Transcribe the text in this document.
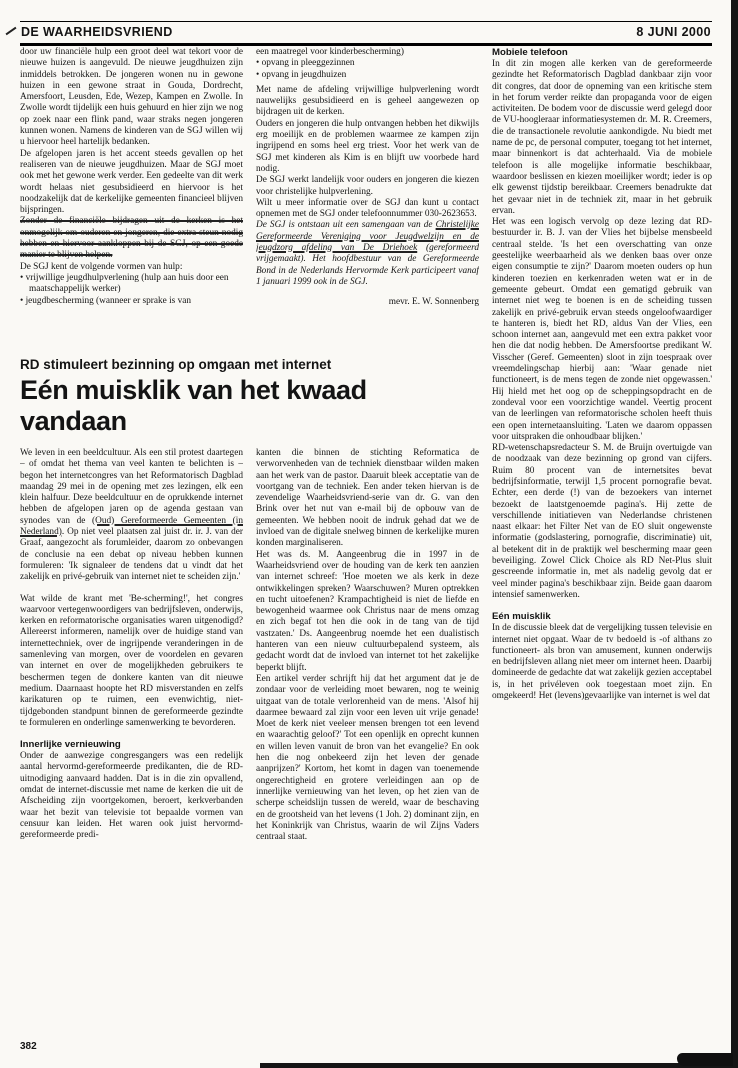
DE WAARHEIDSVRIEND	8 JUNI 2000

door uw financiële hulp een groot deel wat tekort voor de nieuwe huizen is aangevuld. De nieuwe jeugdhuizen zijn inmiddels betrokken. De jongeren wonen nu in gewone huizen in een gewone straat in Gouda, Dordrecht, Amersfoort, Leusden, Ede, Wezep, Kampen en Zwolle. In Zwolle wordt tijdelijk een huis gehuurd en hier zijn we nog op zoek naar een flink pand, waar straks negen jongeren kunnen wonen. Namens de kinderen van de SGJ willen wij u hiervoor heel hartelijk bedanken.

De afgelopen jaren is het accent steeds gevallen op het realiseren van de nieuwe jeugdhuizen. Maar de SGJ moet ook met het gewone werk verder. Een gedeelte van dit werk wordt helaas niet gesubsidieerd en hiervoor is het noodzakelijk dat de kerkelijke gemeenten financieel blijven bijspringen.

Zonder de financiële bijdragen uit de kerken is het onmogelijk om ouderen en jongeren, die extra steun nodig hebben en hiervoor aankloppen bij de SGJ, op een goede manier te blijven helpen.

De SGJ kent de volgende vormen van hulp:

• vrijwillige jeugdhulpverlening (hulp aan huis door een maatschappelijk werker)

• jeugdbescherming (wanneer er sprake is van

een maatregel voor kinderbescherming)

• opvang in pleeggezinnen

• opvang in jeugdhuizen

Met name de afdeling vrijwillige hulpverlening wordt nauwelijks gesubsidieerd en is geheel aangewezen op bijdragen uit de kerken.

Ouders en jongeren die hulp ontvangen hebben het dikwijls erg moeilijk en de problemen waarmee ze kampen zijn ingrijpend en soms heel erg triest. Voor het werk van de SGJ met kinderen als Kim is en blijft uw voorbede hard nodig.

De SGJ werkt landelijk voor ouders en jongeren die kiezen voor christelijke hulpverlening.

Wilt u meer informatie over de SGJ dan kunt u contact opnemen met de SGJ onder telefoonnummer 030-2623653.

De SGJ is ontstaan uit een samengaan van de Christelijke Gereformeerde Vereniging voor Jeugdwelzijn en de jeugdzorg afdeling van De Driehoek (gereformeerd vrijgemaakt). Het hoofdbestuur van de Gereformeerde Bond in de Nederlands Hervormde Kerk participeert vanaf 1 januari 1999 ook in de SGJ.

mevr. E. W. Sonnenberg

RD stimuleert bezinning op omgaan met internet
Eén muisklik van het kwaad vandaan

We leven in een beeldcultuur. Als een stil protest daartegen – of omdat het thema van veel kanten te belichten is – begon het internetcongres van het Reformatorisch Dagblad maandag 29 mei in de opening met zes lezingen, elk een klein halfuur. Deze beeldcultuur en de oprukkende internet hebben de afgelopen jaren op de agenda gestaan van synodes van de (Oud) Gereformeerde Gemeenten (in Nederland). Op niet veel plaatsen zal juist dr. ir. J. van der Graaf, aangezocht als forumleider, daarom zo onbevangen de conclusie na een debat op niveau hebben kunnen formuleren: 'Ik signaleer de tendens dat u vindt dat het zakelijk en privé-gebruik van internet niet te scheiden zijn.'

Wat wilde de krant met 'Be-scherming!', het congres waarvoor vertegenwoordigers van bedrijfsleven, onderwijs, kerken en reformatorische organisaties waren uitgenodigd? Allereerst informeren, namelijk over de huidige stand van internettechniek, over de ingrijpende veranderingen in de samenleving van morgen, over de voordelen en gevaren van internet en over de mogelijkheden gebruikers te beschermen tegen de donkere kanten van dit nieuwe medium. Daarnaast hoopte het RD misverstanden en zelfs karikaturen op te ruimen, een evenwichtig, niet-tijdgebonden standpunt binnen de gereformeerde gezindte te formuleren en onderlinge samenwerking te bevorderen.

Innerlijke vernieuwing

Onder de aanwezige congresgangers was een redelijk aantal hervormd-gereformeerde predikanten, die de RD-uitnodiging aanvaard hadden. Dat is in die zin opvallend, omdat de internet-discussie met name de kerken die uit de Afscheiding zijn voortgekomen, beroert, kerkverbanden waar het bezit van televisie tot bepaalde vormen van censuur kan leiden. Het waren ook juist hervormd-gereformeerde predi-

kanten die binnen de stichting Reformatica de verworvenheden van de techniek dienstbaar wilden maken aan het werk van de pastor. Daaruit bleek acceptatie van de voortgang van de techniek. Een ander teken hiervan is de zevendelige Waarheidsvriend-serie van dr. G. van den Brink over het nut van e-mail bij de opbouw van de gemeenten. We hebben nooit de indruk gehad dat we de invloed van de digitale snelweg binnen de kerkelijke muren konden marginaliseren.

Het was ds. M. Aangeenbrug die in 1997 in de Waarheidsvriend over de houding van de kerk ten aanzien van internet schreef: 'Hoe moeten we als kerk in deze ontwikkelingen spreken? Waarschuwen? Muren optrekken en tucht uitoefenen? Krampachtigheid is niet de liefde en bewogenheid waarmee ook Christus naar de mens omzag en zich begaf tot hen die ook in de tang van de tijd vastzaten.' Ds. Aangeenbrug noemde het een dualistisch hanteren van een nieuw cultuurbepalend systeem, als gedacht wordt dat de invloed van internet tot het zakelijke beperkt blijft.

Een artikel verder schrijft hij dat het argument dat je de zondaar voor de verleiding moet bewaren, nog te weinig uitgaat van de totale verlorenheid van de mens. 'Alsof hij daarmee bewaard zal zijn voor een leven uit vrije genade! Moet de kerk niet veeleer mensen brengen tot een levend en waarachtig geloof?' Tot een openlijk en oprecht kunnen en willen leven vanuit de bron van het evangelie? En ook hen die nog onbekeerd zijn het leven der genade aanprijzen?' Kortom, het komt in dagen van toenemende ongerechtigheid en grotere verleidingen aan op de innerlijke vernieuwing van het leven, op het zien van de scherpe scheidslijn tussen de wereld, waar de beschaving en de grootsheid van het levens (1 Joh. 2) dominant zijn, en het Koninkrijk van Christus, waarin de wil Zijns Vaders centraal staat.

Mobiele telefoon

In dit zin mogen alle kerken van de gereformeerde gezindte het Reformatorisch Dagblad dankbaar zijn voor dit congres, dat door de opneming van een kritische stem in het forum verder reikte dan propaganda voor de eigen activiteiten. De bodem voor de discussie werd gelegd door de VU-hoogleraar informatiesystemen dr. M. R. Creemers, die de transactionele revolutie aankondigde. Nu biedt met name de pc, de personal computer, toegang tot het internet, maar binnenkort is dat achterhaald. Via de mobiele telefoon is alle mogelijke informatie beschikbaar, waardoor beslissen en kiezen moeilijker wordt; ieder is op elk gewenst tijdstip bereikbaar. Creemers benadrukte dat het gevaar niet in de techniek zit, maar in het gebruik ervan.

Het was een logisch vervolg op deze lezing dat RD-bestuurder ir. B. J. van der Vlies het bijbelse mensbeeld centraal stelde. 'Is het een overschatting van onze geestelijke weerbaarheid als we denken baas over onze eigen consumptie te zijn?' Daarom moeten ouders op hun kinderen toezien en kerkenraden weten wat er in de gemeente gebeurt. Omdat een gematigd gebruik van internet niet weg te boenen is en de scheiding tussen zakelijk en privé-gebruik ervan steeds ongeloofwaardiger te hanteren is, biedt het RD, aldus Van der Vlies, een schoon internet aan, aangevuld met een extra pakket voor hen die dat nodig hebben. De Amersfoortse predikant W. Visscher (Geref. Gemeenten) sloot in zijn toespraak over vreemdelingschap hierbij aan: 'Waar genade niet functioneert, is de mens tegen de zonde niet opgewassen.' Hij hield met het oog op de scheppingsopdracht en de zondeval voor een voorzichtige wandel. Veertig procent van de leerlingen van reformatorische scholen heeft thuis een open internetaansluiting. 'Laten we daarom oppassen voor uitspraken die onhoudbaar blijken.'

RD-wetenschapsredacteur S. M. de Bruijn overtuigde van de noodzaak van deze bezinning op grond van cijfers. Ruim 80 procent van de internetsites bevat bedrijfsinformatie, terwijl 1,5 procent pornografie bevat. Echter, een derde (!) van de bezoekers van internet bezoekt de laatstgenoemde pagina's. Hij zette de verschillende initiatieven van Nederlandse christenen naast elkaar: het Filter Net van de EO sluit ongewenste informatie (godslastering, pornografie, discriminatie) uit, al betekent dit in de praktijk wel bescherming maar geen beveiliging. Zowel Click Choice als RD Net-Plus sluit gescreende informatie in, met als nadelig gevolg dat er veel minder pagina's beschikbaar zijn. Beide gaan daarom intensief samenwerken.

Eén muisklik

In de discussie bleek dat de vergelijking tussen televisie en internet niet opgaat. Waar de tv bedoeld is -of althans zo functioneert- als bron van amusement, kunnen onderwijs en bedrijfsleven allang niet meer om internet heen. Daarbij domineerde de gedachte dat wat zakelijk gezien acceptabel is, in het privéleven ook toegestaan moet zijn. En omgekeerd! Het (levens)gevaarlijke van internet is wel dat

382
